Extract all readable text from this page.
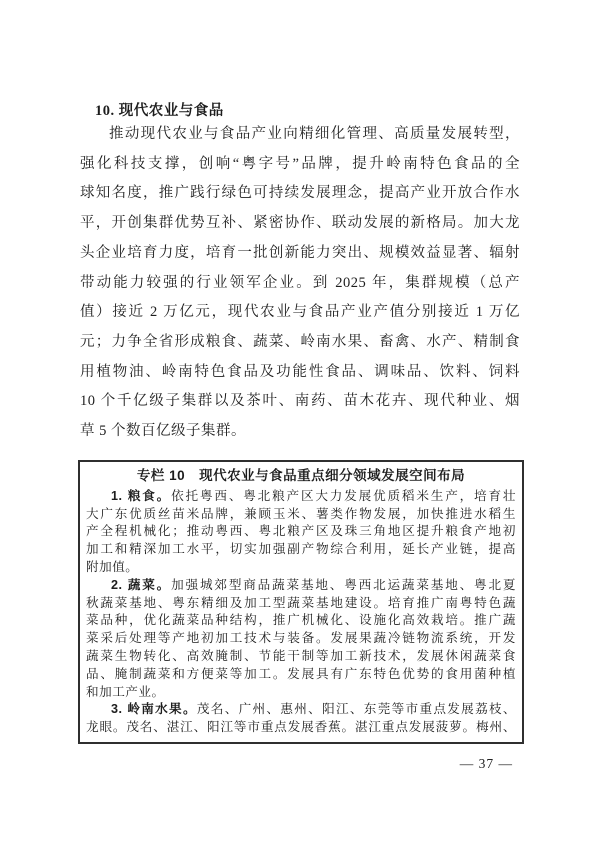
10. 现代农业与食品
推动现代农业与食品产业向精细化管理、高质量发展转型，
强化科技支撑，创响“粤字号”品牌，提升岭南特色食品的全
球知名度，推广践行绿色可持续发展理念，提高产业开放合作水
平，开创集群优势互补、紧密协作、联动发展的新格局。加大龙
头企业培育力度，培育一批创新能力突出、规模效益显著、辐射
带动能力较强的行业领军企业。到 2025 年，集群规模（总产
值）接近 2 万亿元，现代农业与食品产业产值分别接近 1 万亿
元；力争全省形成粮食、蔬菜、岭南水果、畜禽、水产、精制食
用植物油、岭南特色食品及功能性食品、调味品、饮料、饲料
10 个千亿级子集群以及茶叶、南药、苗木花卉、现代种业、烟
草 5 个数百亿级子集群。
专栏 10　现代农业与食品重点细分领域发展空间布局
1. 粮食。依托粤西、粤北粮产区大力发展优质稻米生产，培育壮
大广东优质丝苗米品牌，兼顾玉米、薯类作物发展，加快推进水稻生
产全程机械化；推动粤西、粤北粮产区及珠三角地区提升粮食产地初
加工和精深加工水平，切实加强副产物综合利用，延长产业链，提高
附加值。
2. 蔬菜。加强城郊型商品蔬菜基地、粤西北运蔬菜基地、粤北夏
秋蔬菜基地、粤东精细及加工型蔬菜基地建设。培育推广南粤特色蔬
菜品种，优化蔬菜品种结构，推广机械化、设施化高效栽培。推广蔬
菜采后处理等产地初加工技术与装备。发展果蔬冷链物流系统，开发
蔬菜生物转化、高效腌制、节能干制等加工新技术，发展休闲蔬菜食
品、腌制蔬菜和方便菜等加工。发展具有广东特色优势的食用菌种植
和加工产业。
3. 岭南水果。茂名、广州、惠州、阳江、东莞等市重点发展荔枝、
龙眼。茂名、湛江、阳江等市重点发展香蕉。湛江重点发展菠萝。梅州、
— 37 —
